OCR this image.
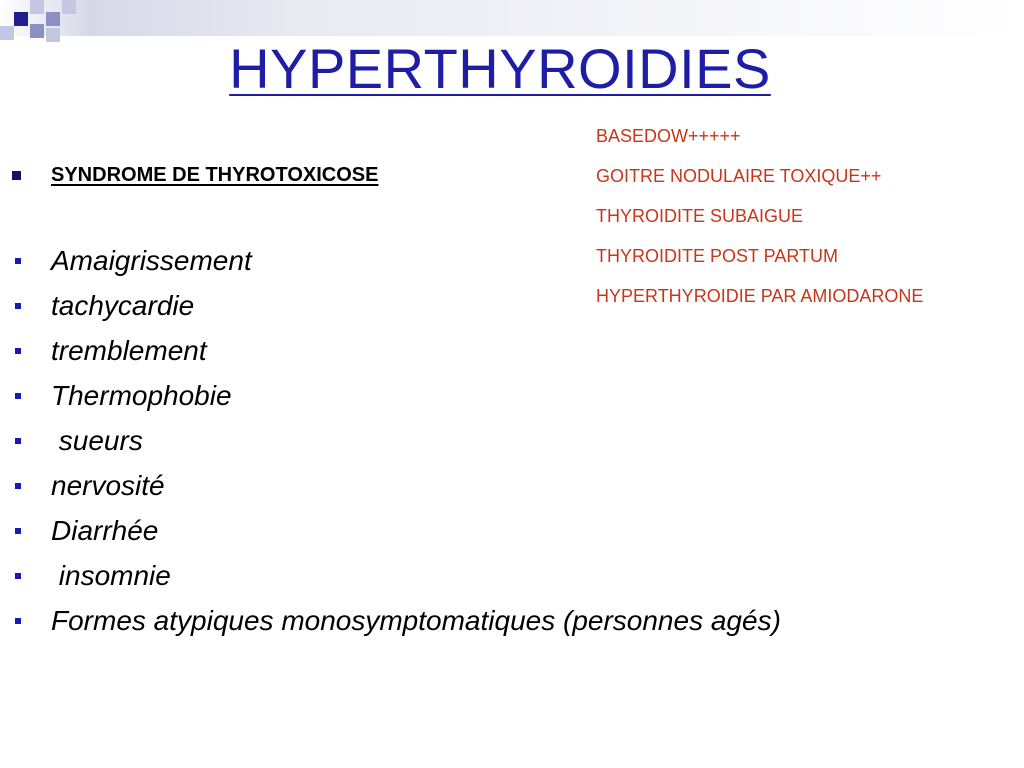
HYPERTHYROIDIES
SYNDROME DE THYROTOXICOSE
Amaigrissement
tachycardie
tremblement
Thermophobie
sueurs
nervosité
Diarrhée
insomnie
Formes atypiques monosymptomatiques (personnes agés)
BASEDOW+++++
GOITRE NODULAIRE TOXIQUE++
THYROIDITE SUBAIGUE
THYROIDITE POST PARTUM
HYPERTHYROIDIE PAR AMIODARONE
